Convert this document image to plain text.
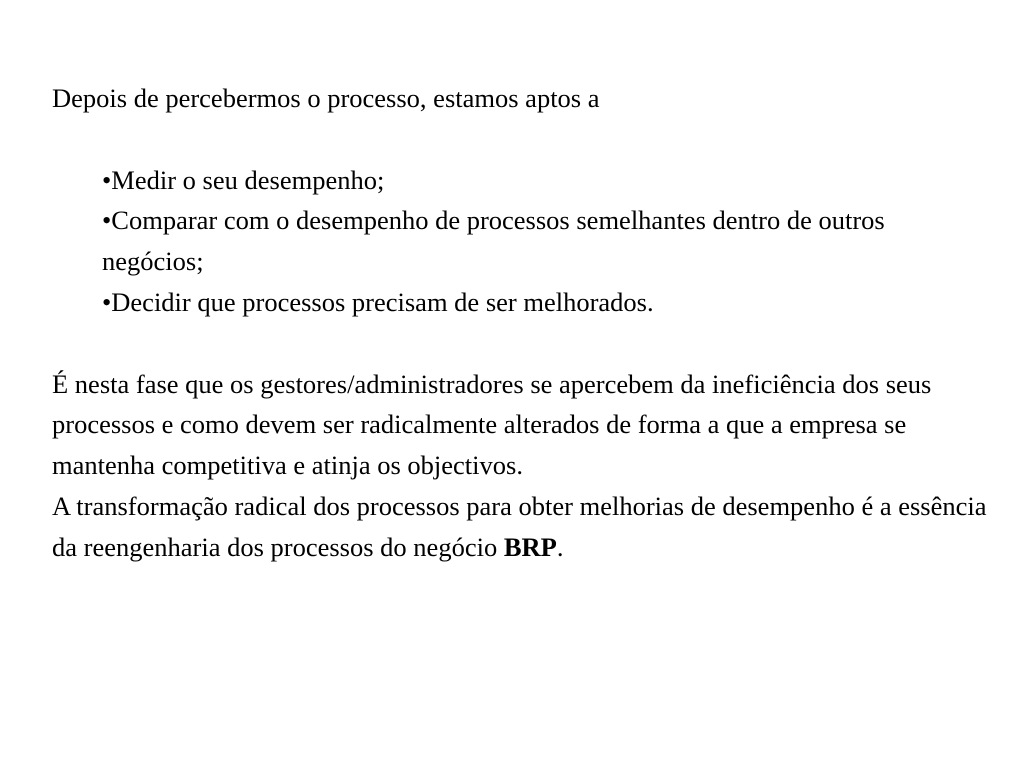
Depois de percebermos o processo, estamos aptos a

•Medir o seu desempenho;
•Comparar com o desempenho de processos semelhantes dentro de outros negócios;
•Decidir que processos precisam de ser melhorados.

É nesta fase que os gestores/administradores se apercebem da ineficiência dos seus processos e como devem ser radicalmente alterados de forma a que a empresa se mantenha competitiva e atinja os objectivos.

A transformação radical dos processos para obter melhorias de desempenho é a essência da reengenharia dos processos do negócio BRP.
